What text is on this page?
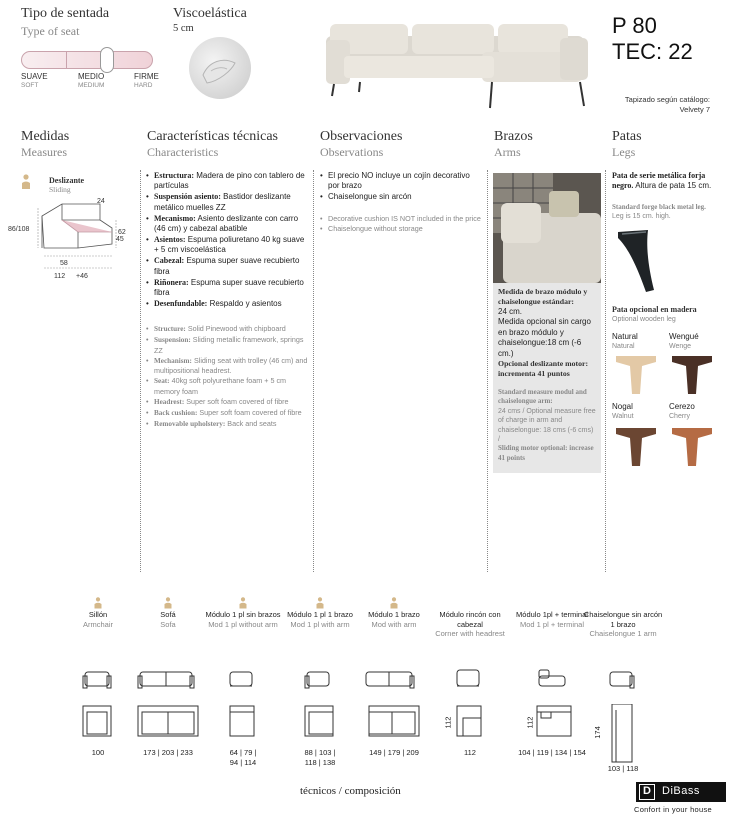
Tipo de sentada
Type of seat
SUAVE
SOFT
MEDIO
MEDIUM
FIRME
HARD
Viscoelástica
5 cm	P 80
TEC: 22
Tapizado según catálogo:
Velvety 7
Medidas
Measures
Características técnicas
Characteristics
Observaciones
Observations
Brazos
Arms
Patas
Legs
Deslizante
Sliding
86/108
24
62
45
58
112 +46
• Estructura: Madera de pino con tablero de partículas
• Suspensión asiento: Bastidor deslizante metálico muelles ZZ
• Mecanismo: Asiento deslizante con carro (46 cm) y cabezal abatible
• Asientos: Espuma poliuretano 40 kg suave + 5 cm viscoelástica
• Cabezal: Espuma super suave recubierto fibra
• Riñonera: Espuma super suave recubierto fibra
• Desenfundable: Respaldo y asientos
• Structure: Solid Pinewood with chipboard
• Suspension: Sliding metallic framework, springs ZZ
• Mechanism: Sliding seat with trolley (46 cm) and multipositional headrest.
• Seat: 40kg soft polyurethane foam + 5 cm memory foam
• Headrest: Super soft foam covered of fibre
• Back cushion: Super soft foam covered of fibre
• Removable upholstery: Back and seats
• El precio NO incluye un cojín decorativo por brazo
• Chaiselongue sin arcón
• Decorative cushion IS NOT included in the price
• Chaiselongue without storage
Medida de brazo módulo y chaiselongue estándar:
24 cm.
Medida opcional sin cargo en brazo módulo y chaiselongue:18 cm (-6 cm.)
Opcional deslizante motor: incrementa 41 puntos
Standard measure modul and chaiselongue arm:
24 cms / Optional measure free of charge in arm and chaiselongue: 18 cms (-6 cms) /
Sliding motor optional: increase 41 points
Pata de serie metálica forja negro. Altura de pata 15 cm.
Standard forge black metal leg. Leg is 15 cm. high.
Pata opcional en madera
Optional wooden leg
Natural
Natural
Wengué
Wenge
Nogal
Walnut
Cerezo
Cherry
Sillón
Armchair
100
Sofá
Sofa
173 | 203 | 233
Módulo 1 pl sin brazos
Mod 1 pl without arm
64 | 79 | 94 | 114
Módulo 1 pl 1 brazo
Mod 1 pl with arm
88 | 103 | 118 | 138
Módulo 1 brazo
Mod with arm
149 | 179 | 209
Módulo rincón con cabezal
Corner with headrest
112
112
Módulo 1pl + terminal
Mod 1 pl + terminal
104 | 119 | 134 | 154
112
Chaiselongue sin arcón 1 brazo
Chaiselongue 1 arm
103 | 118
174
técnicos / composición	D	DiBass
Confort in your house
